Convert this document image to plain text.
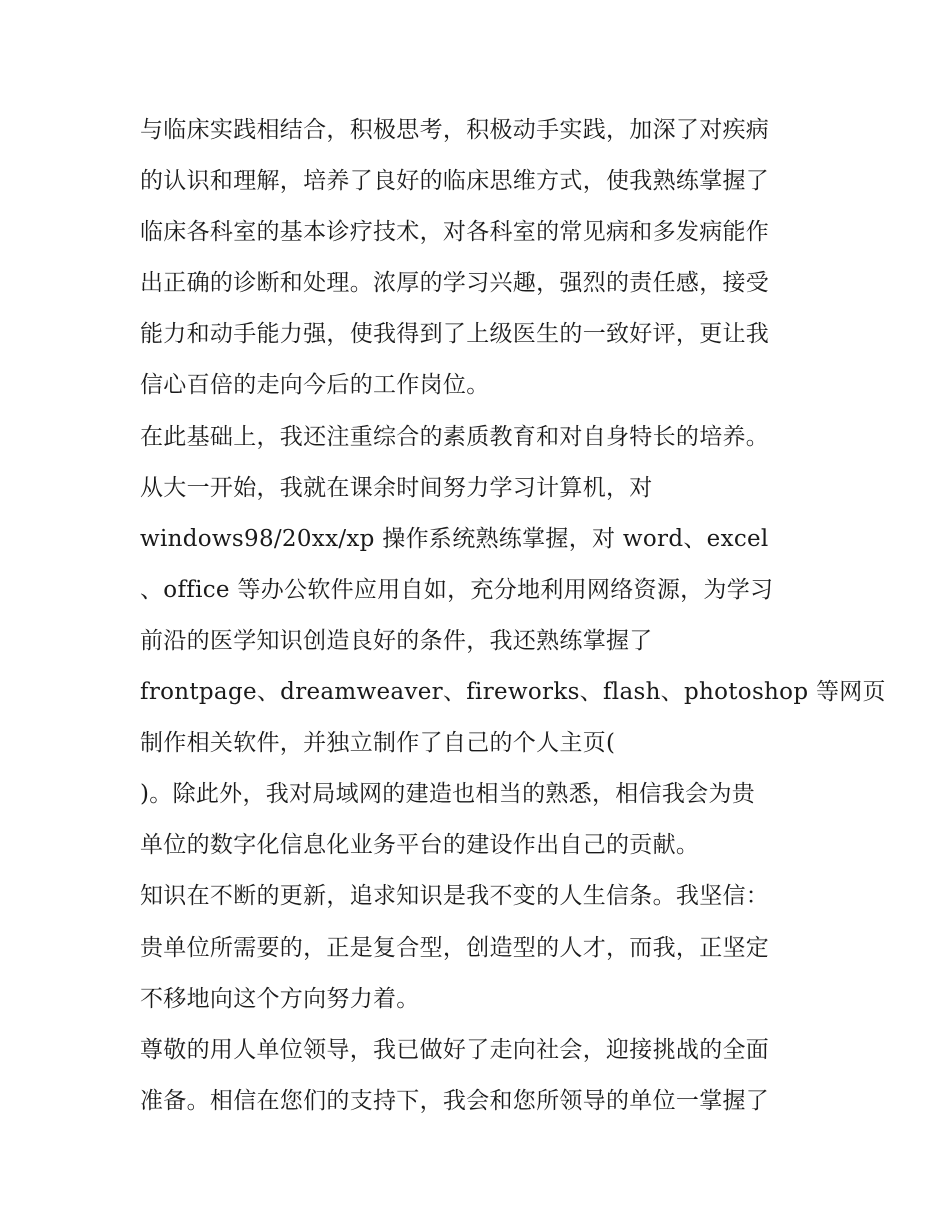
与临床实践相结合，积极思考，积极动手实践，加深了对疾病
的认识和理解，培养了良好的临床思维方式，使我熟练掌握了
临床各科室的基本诊疗技术，对各科室的常见病和多发病能作
出正确的诊断和处理。浓厚的学习兴趣，强烈的责任感，接受
能力和动手能力强，使我得到了上级医生的一致好评，更让我
信心百倍的走向今后的工作岗位。
在此基础上，我还注重综合的素质教育和对自身特长的培养。
从大一开始，我就在课余时间努力学习计算机，对
windows98/20xx/xp 操作系统熟练掌握，对 word、excel
、office 等办公软件应用自如，充分地利用网络资源，为学习
前沿的医学知识创造良好的条件，我还熟练掌握了
frontpage、dreamweaver、fireworks、flash、photoshop 等网页
制作相关软件，并独立制作了自己的个人主页(
)。除此外，我对局域网的建造也相当的熟悉，相信我会为贵
单位的数字化信息化业务平台的建设作出自己的贡献。
知识在不断的更新，追求知识是我不变的人生信条。我坚信：
贵单位所需要的，正是复合型，创造型的人才，而我，正坚定
不移地向这个方向努力着。
尊敬的用人单位领导，我已做好了走向社会，迎接挑战的全面
准备。相信在您们的支持下，我会和您所领导的单位一掌握了
